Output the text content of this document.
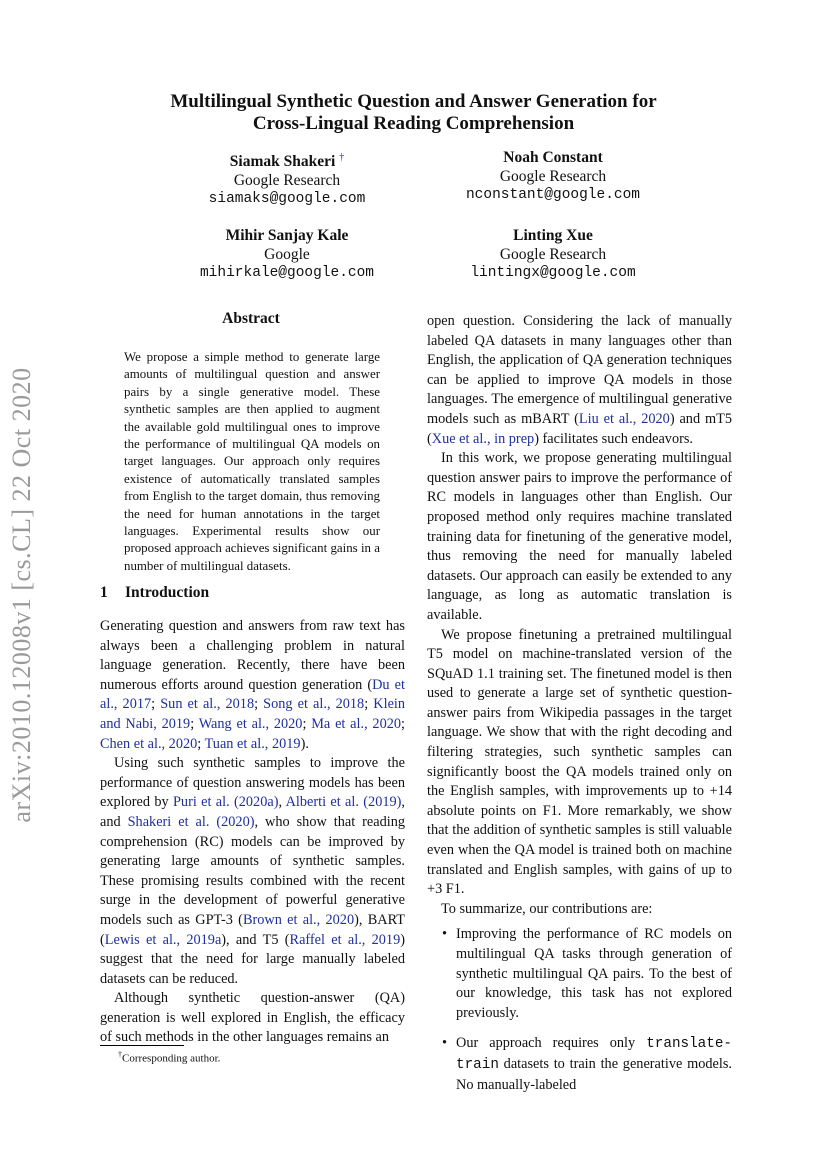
arXiv:2010.12008v1 [cs.CL] 22 Oct 2020
Multilingual Synthetic Question and Answer Generation for
Cross-Lingual Reading Comprehension
Siamak Shakeri †
Google Research
siamaks@google.com
Noah Constant
Google Research
nconstant@google.com
Mihir Sanjay Kale
Google
mihirkale@google.com
Linting Xue
Google Research
lintingx@google.com
Abstract
We propose a simple method to generate large amounts of multilingual question and answer pairs by a single generative model. These synthetic samples are then applied to augment the available gold multilingual ones to improve the performance of multilingual QA models on target languages. Our approach only requires existence of automatically translated samples from English to the target domain, thus removing the need for human annotations in the target languages. Experimental results show our proposed approach achieves significant gains in a number of multilingual datasets.
1 Introduction

Generating question and answers from raw text has always been a challenging problem in natural language generation. Recently, there have been numerous efforts around question generation (Du et al., 2017; Sun et al., 2018; Song et al., 2018; Klein and Nabi, 2019; Wang et al., 2020; Ma et al., 2020; Chen et al., 2020; Tuan et al., 2019).

Using such synthetic samples to improve the performance of question answering models has been explored by Puri et al. (2020a), Alberti et al. (2019), and Shakeri et al. (2020), who show that reading comprehension (RC) models can be improved by generating large amounts of synthetic samples. These promising results combined with the recent surge in the development of powerful generative models such as GPT-3 (Brown et al., 2020), BART (Lewis et al., 2019a), and T5 (Raffel et al., 2019) suggest that the need for large manually labeled datasets can be reduced.

Although synthetic question-answer (QA) generation is well explored in English, the efficacy of such methods in the other languages remains an

open question. Considering the lack of manually labeled QA datasets in many languages other than English, the application of QA generation techniques can be applied to improve QA models in those languages. The emergence of multilingual generative models such as mBART (Liu et al., 2020) and mT5 (Xue et al., in prep) facilitates such endeavors.

In this work, we propose generating multilingual question answer pairs to improve the performance of RC models in languages other than English. Our proposed method only requires machine translated training data for finetuning of the generative model, thus removing the need for manually labeled datasets. Our approach can easily be extended to any language, as long as automatic translation is available.

We propose finetuning a pretrained multilingual T5 model on machine-translated version of the SQuAD 1.1 training set. The finetuned model is then used to generate a large set of synthetic question-answer pairs from Wikipedia passages in the target language. We show that with the right decoding and filtering strategies, such synthetic samples can significantly boost the QA models trained only on the English samples, with improvements up to +14 absolute points on F1. More remarkably, we show that the addition of synthetic samples is still valuable even when the QA model is trained both on machine translated and English samples, with gains of up to +3 F1.

To summarize, our contributions are:

• Improving the performance of RC models on multilingual QA tasks through generation of synthetic multilingual QA pairs. To the best of our knowledge, this task has not explored previously.
• Our approach requires only translate-train datasets to train the generative models. No manually-labeled
†Corresponding author.
